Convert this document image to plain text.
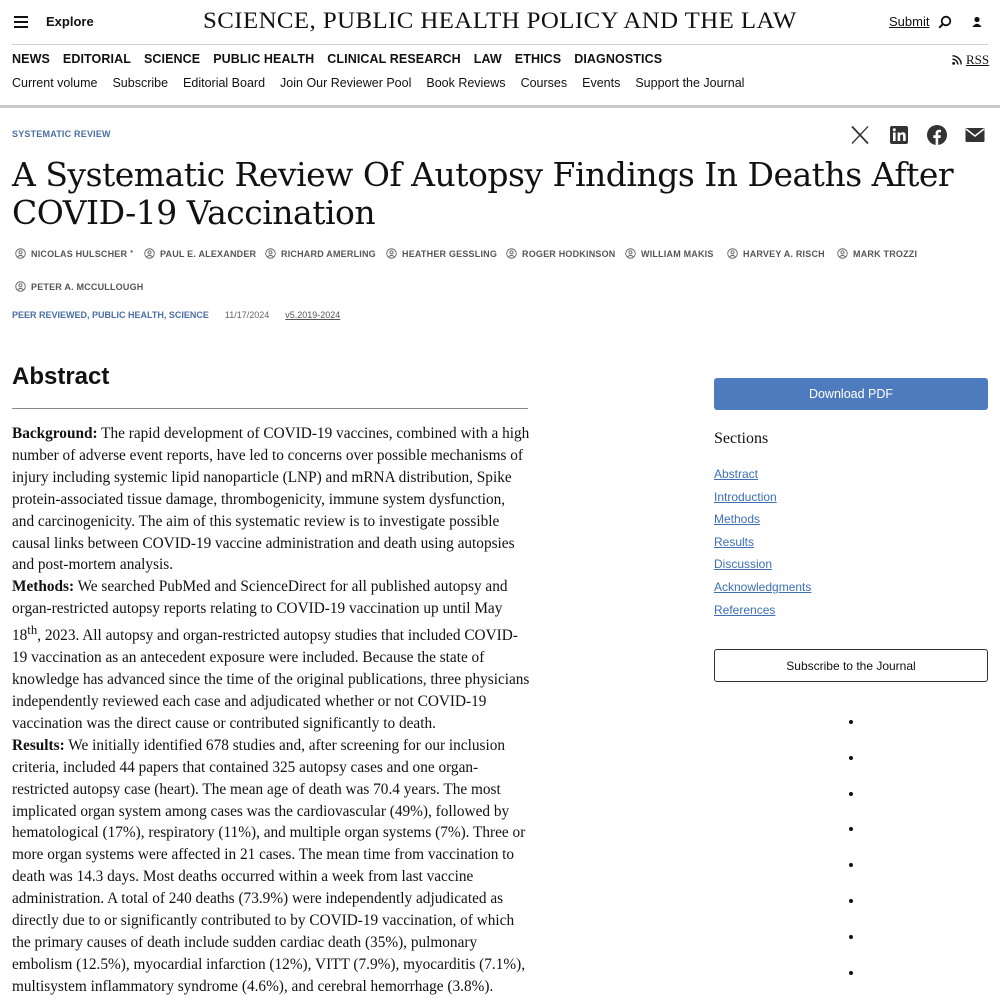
Explore	SCIENCE, PUBLIC HEALTH POLICY AND THE LAW	Submit
NEWS EDITORIAL SCIENCE PUBLIC HEALTH CLINICAL RESEARCH LAW ETHICS DIAGNOSTICS	RSS
Current volume Subscribe Editorial Board Join Our Reviewer Pool Book Reviews Courses Events Support the Journal
SYSTEMATIC REVIEW
A Systematic Review Of Autopsy Findings In Deaths After COVID-19 Vaccination
NICOLAS HULSCHER *	PAUL E. ALEXANDER	RICHARD AMERLING	HEATHER GESSLING	ROGER HODKINSON	WILLIAM MAKIS	HARVEY A. RISCH	MARK TROZZI
PETER A. MCCULLOUGH
PEER REVIEWED, PUBLIC HEALTH, SCIENCE 11/17/2024 v5.2019-2024
Abstract

Background: The rapid development of COVID-19 vaccines, combined with a high number of adverse event reports, have led to concerns over possible mechanisms of injury including systemic lipid nanoparticle (LNP) and mRNA distribution, Spike protein-associated tissue damage, thrombogenicity, immune system dysfunction, and carcinogenicity. The aim of this systematic review is to investigate possible causal links between COVID-19 vaccine administration and death using autopsies and post-mortem analysis.

Methods: We searched PubMed and ScienceDirect for all published autopsy and organ-restricted autopsy reports relating to COVID-19 vaccination up until May 18th, 2023. All autopsy and organ-restricted autopsy studies that included COVID-19 vaccination as an antecedent exposure were included. Because the state of knowledge has advanced since the time of the original publications, three physicians independently reviewed each case and adjudicated whether or not COVID-19 vaccination was the direct cause or contributed significantly to death.

Results: We initially identified 678 studies and, after screening for our inclusion criteria, included 44 papers that contained 325 autopsy cases and one organ-restricted autopsy case (heart). The mean age of death was 70.4 years. The most implicated organ system among cases was the cardiovascular (49%), followed by hematological (17%), respiratory (11%), and multiple organ systems (7%). Three or more organ systems were affected in 21 cases. The mean time from vaccination to death was 14.3 days. Most deaths occurred within a week from last vaccine administration. A total of 240 deaths (73.9%) were independently adjudicated as directly due to or significantly contributed to by COVID-19 vaccination, of which the primary causes of death include sudden cardiac death (35%), pulmonary embolism (12.5%), myocardial infarction (12%), VITT (7.9%), myocarditis (7.1%), multisystem inflammatory syndrome (4.6%), and cerebral hemorrhage (3.8%).

Download PDF
Sections
Abstract
Introduction
Methods
Results
Discussion
Acknowledgments
References
Subscribe to the Journal
